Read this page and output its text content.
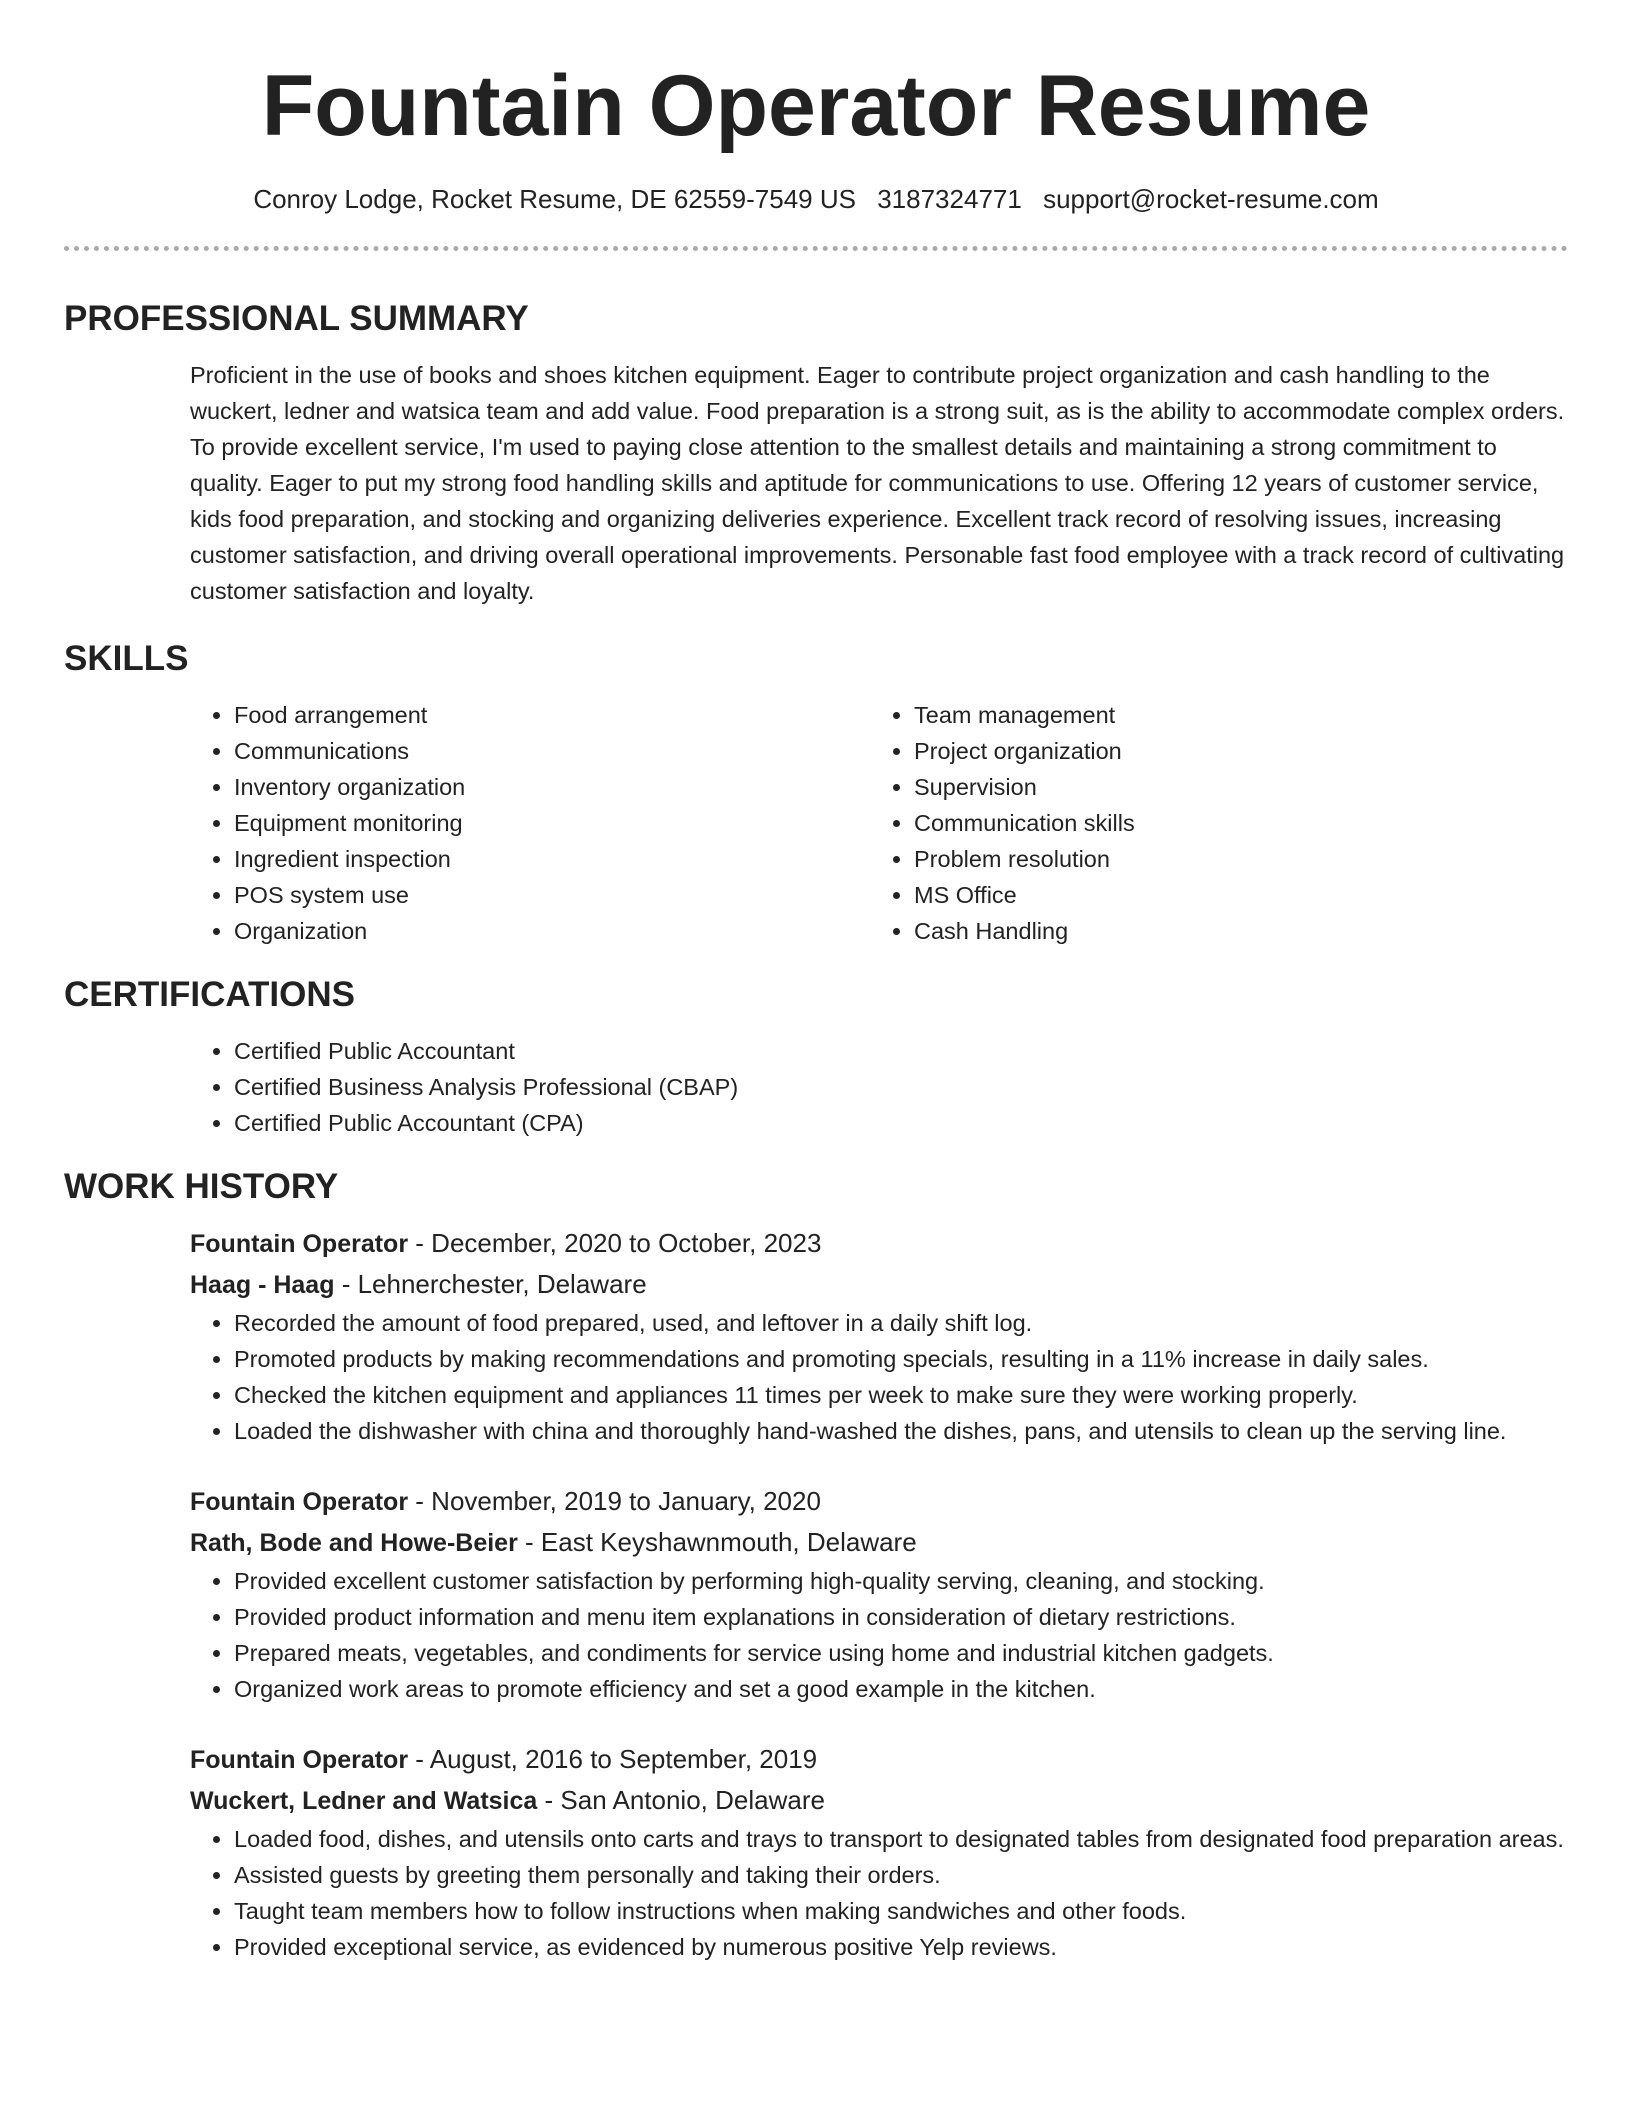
Fountain Operator Resume
Conroy Lodge, Rocket Resume, DE 62559-7549 US 3187324771 support@rocket-resume.com
PROFESSIONAL SUMMARY
Proficient in the use of books and shoes kitchen equipment. Eager to contribute project organization and cash handling to the wuckert, ledner and watsica team and add value. Food preparation is a strong suit, as is the ability to accommodate complex orders. To provide excellent service, I'm used to paying close attention to the smallest details and maintaining a strong commitment to quality. Eager to put my strong food handling skills and aptitude for communications to use. Offering 12 years of customer service, kids food preparation, and stocking and organizing deliveries experience. Excellent track record of resolving issues, increasing customer satisfaction, and driving overall operational improvements. Personable fast food employee with a track record of cultivating customer satisfaction and loyalty.
SKILLS
• Food arrangement
• Communications
• Inventory organization
• Equipment monitoring
• Ingredient inspection
• POS system use
• Organization
• Team management
• Project organization
• Supervision
• Communication skills
• Problem resolution
• MS Office
• Cash Handling
CERTIFICATIONS
• Certified Public Accountant
• Certified Business Analysis Professional (CBAP)
• Certified Public Accountant (CPA)
WORK HISTORY
Fountain Operator - December, 2020 to October, 2023
Haag - Haag - Lehnerchester, Delaware
• Recorded the amount of food prepared, used, and leftover in a daily shift log.
• Promoted products by making recommendations and promoting specials, resulting in a 11% increase in daily sales.
• Checked the kitchen equipment and appliances 11 times per week to make sure they were working properly.
• Loaded the dishwasher with china and thoroughly hand-washed the dishes, pans, and utensils to clean up the serving line.
Fountain Operator - November, 2019 to January, 2020
Rath, Bode and Howe-Beier - East Keyshawnmouth, Delaware
• Provided excellent customer satisfaction by performing high-quality serving, cleaning, and stocking.
• Provided product information and menu item explanations in consideration of dietary restrictions.
• Prepared meats, vegetables, and condiments for service using home and industrial kitchen gadgets.
• Organized work areas to promote efficiency and set a good example in the kitchen.
Fountain Operator - August, 2016 to September, 2019
Wuckert, Ledner and Watsica - San Antonio, Delaware
• Loaded food, dishes, and utensils onto carts and trays to transport to designated tables from designated food preparation areas.
• Assisted guests by greeting them personally and taking their orders.
• Taught team members how to follow instructions when making sandwiches and other foods.
• Provided exceptional service, as evidenced by numerous positive Yelp reviews.
